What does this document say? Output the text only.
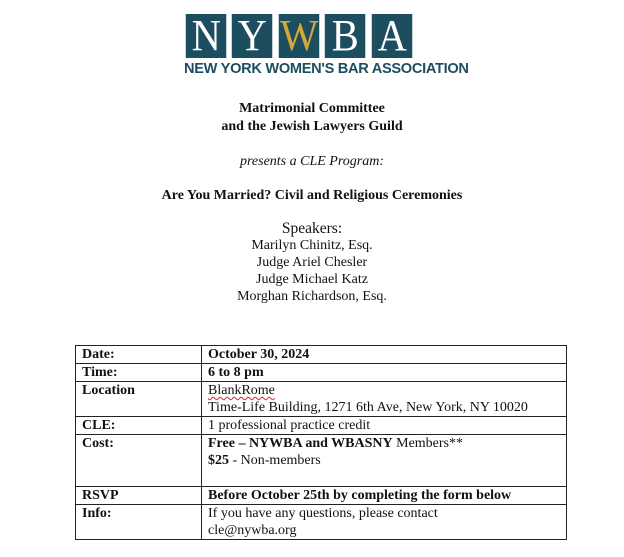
N Y W B A
NEW YORK WOMEN'S BAR ASSOCIATION
Matrimonial Committee
and the Jewish Lawyers Guild
presents a CLE Program:
Are You Married? Civil and Religious Ceremonies
Speakers:
Marilyn Chinitz, Esq.
Judge Ariel Chesler
Judge Michael Katz
Morghan Richardson, Esq.
Date:	October 30, 2024
Time:	6 to 8 pm
Location	BlankRome
Time-Life Building, 1271 6th Ave, New York, NY 10020

CLE:	1 professional practice credit
Cost:	Free – NYWBA and WBASNY Members**
$25 - Non-members

RSVP	Before October 25th by completing the form below
Info:	If you have any questions, please contact
cle@nywba.org
